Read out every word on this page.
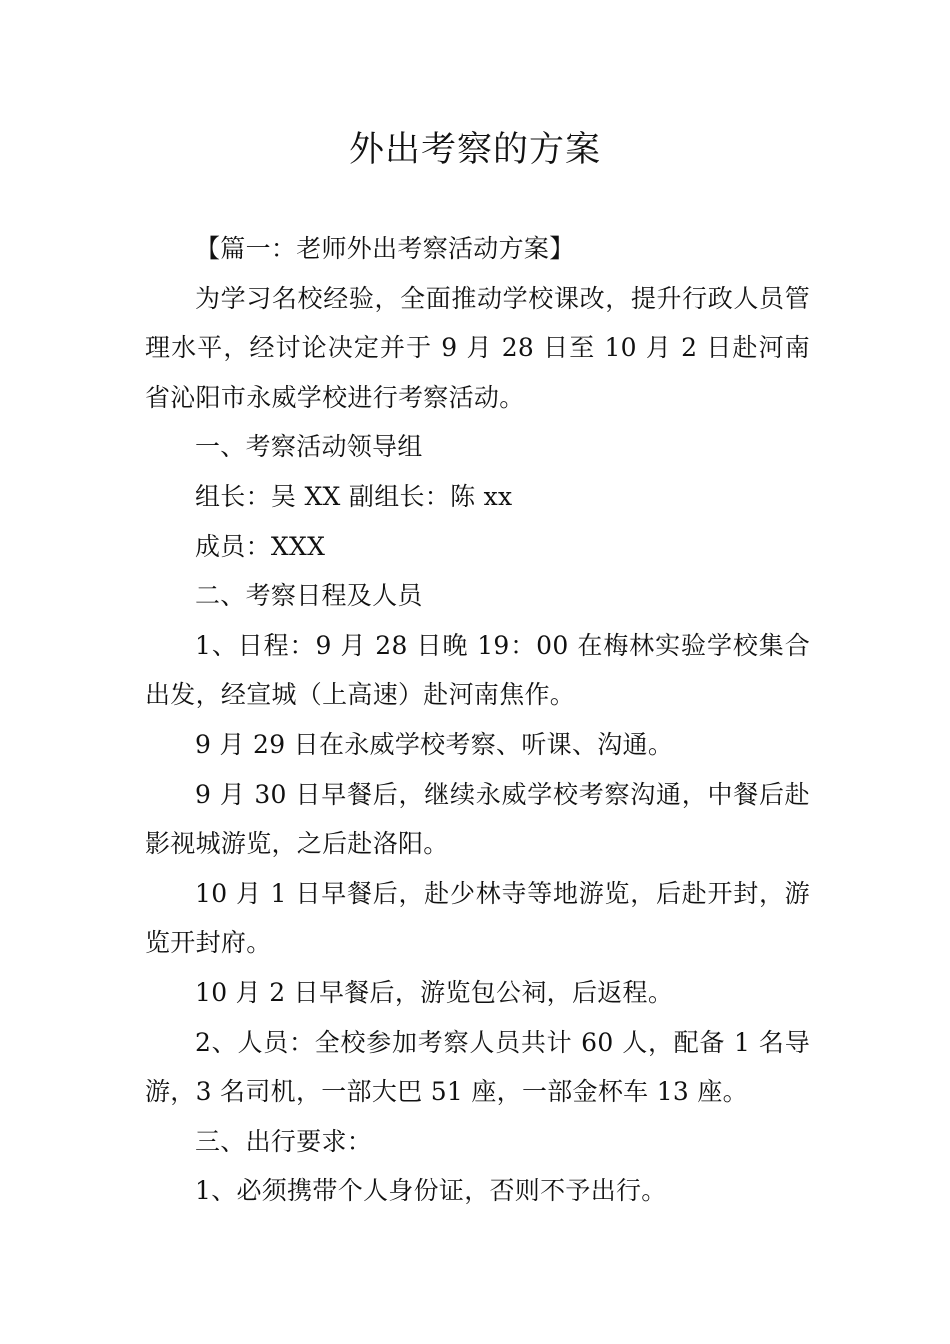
外出考察的方案

【篇一：老师外出考察活动方案】

为学习名校经验，全面推动学校课改，提升行政人员管理水平，经讨论决定并于 9 月 28 日至 10 月 2 日赴河南省沁阳市永威学校进行考察活动。

一、考察活动领导组

组长：吴 XX 副组长：陈 xx

成员：XXX

二、考察日程及人员

1、日程：9 月 28 日晚 19：00 在梅林实验学校集合出发，经宣城（上高速）赴河南焦作。

9 月 29 日在永威学校考察、听课、沟通。

9 月 30 日早餐后，继续永威学校考察沟通，中餐后赴影视城游览，之后赴洛阳。

10 月 1 日早餐后，赴少林寺等地游览，后赴开封，游览开封府。

10 月 2 日早餐后，游览包公祠，后返程。

2、人员：全校参加考察人员共计 60 人，配备 1 名导游，3 名司机，一部大巴 51 座，一部金杯车 13 座。

三、出行要求：

1、必须携带个人身份证，否则不予出行。
